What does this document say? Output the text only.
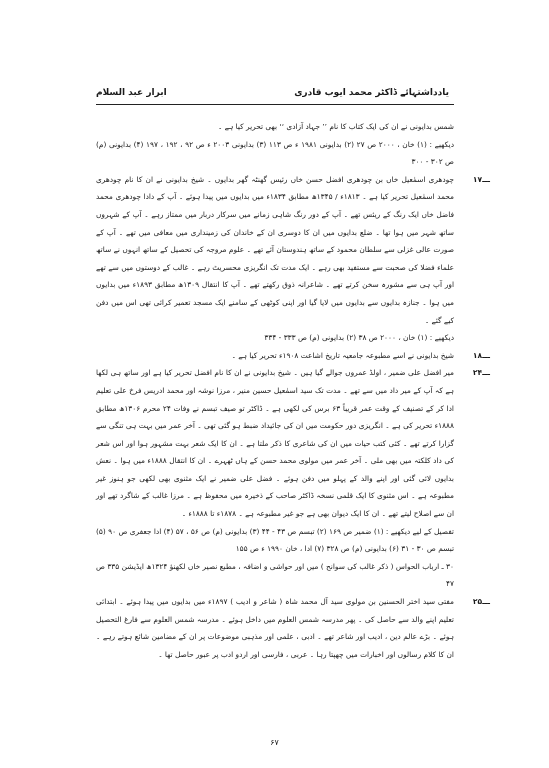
یادداشتہائے ڈاکٹر محمد ایوب قادری
ابرار عبد السلام
شمس بدایونی نے ان کی ایک کتاب کا نام ’’ جہاد آزادی ‘‘ بھی تحریر کیا ہے ۔
دیکھیے : (۱) خان ، ۲۰۰۰ ص ۲۷ (۲) بدایونی ۱۹۸۱ ء ص ۱۱۳ (۳) بدایونی ۲۰۰۳ ء ص ۹۲ ، ۱۹۲ ، ۱۹۷ (۴) بدایونی (م) ص ۳۰۲ - ۳۰۰
۱۷ـــ
چودھری اسمٰعیل خاں بن چودھری افضل حسن خاں رئیس گھنٹہ گھر بدایوں ۔ شیخ بدایونی نے ان کا نام چودھری محمد اسمٰعیل تحریر کیا ہے ۔ ۱۸۱۳ء / ۱۳۴۵ھ مطابق ۱۸۳۴ء میں بدایوں میں پیدا ہوئے ۔ آپ کے دادا چودھری محمد فاضل خاں ایک رنگ کے ریئس تھے ۔ آپ کے دور رنگ شاہی زمانے میں سرکار دربار میں ممتاز رہے ۔ آپ کے شہروں ساتھ شہر میں ہوا تھا ۔ ضلع بدایوں میں ان کا دوسری ان کے خاندان کی زمینداری میں معافی میں تھے ۔ آپ کے صورت عالی غزلی سے سلطان محمود کے ساتھ ہندوستان آئے تھے ۔ علوم مروجہ کی تحصیل کے ساتھ انہوں نے ساتھ علماء فضلا کی صحبت سے مستفید بھی رہے ۔ ایک مدت تک انگریزی محسریٹ رہے ۔ غالب کے دوستوں میں سے تھے اور آپ ہی سے مشورہ سخن کرتے تھے ۔ شاعرانہ ذوق رکھتے تھے ۔ آپ کا انتقال ۱۳۰۹ھ مطابق ۱۸۹۳ء میں بدایوں میں ہوا ۔ جنازہ بدایوں سے بدایوں میں لایا گیا اور اپنی کوٹھی کے سامنے ایک مسجد تعمیر کرائی تھی اس میں دفن کیے گئے ۔
دیکھیے : (۱) خان ، ۲۰۰۰ ص ۳۸ (۲) بدایونی (م) ص ۳۳۳ - ۳۳۴
۱۸ـــ
شیخ بدایونی نے اسے مطبوعہ جامعیہ تاریخ اشاعت ۱۹۰۸ء تحریر کیا ہے ۔
۲۴ـــ
میر افضل علی ضمیر ، اولڈ عمروں جوالے گیا ہیں ۔ شیخ بدایونی نے ان کا نام افضل تحریر کیا ہے اور ساتھ ہی لکھا ہے کہ آپ کے میر داد میں سے تھے ۔ مدت تک سید اسمٰعیل حسین منیر ، مرزا نوشہ اور محمد ادریس فرخ علی تعلیم ادا کر کے تصنیف کے وقت عمر قریباً ۶۳ برس کی لکھی ہے ۔ ڈاکٹر تو صیف تبسم نے وفات ۲۴ محرم ۱۳۰۶ھ مطابق ۱۸۸۸ء تحریر کی ہے ۔ انگریزی دور حکومت میں ان کی جائیداد ضبط ہو گئی تھی ۔ آخر عمر میں بہت ہی تنگی سے گزارا کرتے تھے ۔ کئی کتب حیات میں ان کی شاعری کا ذکر ملتا ہے ۔ ان کا ایک شعر بہت مشہور ہوا اور اس شعر کی داد کلکتہ میں بھی ملی ۔ آخر عمر میں مولوی محمد حسن کے ہاں ٹھہرے ۔ ان کا انتقال ۱۸۸۸ء میں ہوا ۔ نعش بدایوں لائی گئی اور اپنے والد کے پہلو میں دفن ہوئے ۔ فضل علی ضمیر نے ایک مثنوی بھی لکھی جو ہنوز غیر مطبوعہ ہے ۔ اس مثنوی کا ایک قلمی نسخہ ڈاکٹر صاحب کے ذخیرہ میں محفوظ ہے ۔ مرزا غالب کے شاگرد تھے اور ان سے اصلاح لیتے تھے ۔ ان کا ایک دیوان بھی ہے جو غیر مطبوعہ ہے ۔ ۱۸۷۸ء تا ۱۸۸۸ء ۔
تفصیل کے لیے دیکھیے : (۱) ضمیر ص ۱۶۹ (۲) تبسم ص ۴۳ - ۴۴ (۳) بدایونی (م) ص ۵۶ ، ۵۷ (۴) ادا جعفری ص ۹۰ (۵) تبسم ص ۳۰ - ۳۱ (۶) بدایونی (م) ص ۳۲۸ (۷) ادا ، خان ۱۹۹۰ ء ص ۱۵۵
۳۰ ـ ارباب الحواس ( ذکر غالب کی سوانح ) میں اور حواشی و اضافہ ، مطبع نصیر خاں لکھنؤ ۱۳۲۴ھ ایڈیشن ۳۳۵ ص ۴۷
۲۵ـــ
مفتی سید اختر الحسنین بن مولوی سید آل محمد شاہ ( شاعر و ادیب ) ۱۸۹۷ء میں بدایوں میں پیدا ہوئے ۔ ابتدائی تعلیم اپنے والد سے حاصل کی ۔ پھر مدرسہ شمس العلوم میں داخل ہوئے ۔ مدرسہ شمس العلوم سے فارغ التحصیل ہوئے ۔ بڑے عالم دین ، ادیب اور شاعر تھے ۔ ادبی ، علمی اور مذہبی موضوعات پر ان کے مضامین شائع ہوتے رہے ۔ ان کا کلام رسالوں اور اخبارات میں چھپتا رہا ۔ عربی ، فارسی اور اردو ادب پر عبور حاصل تھا ۔
۶۷
